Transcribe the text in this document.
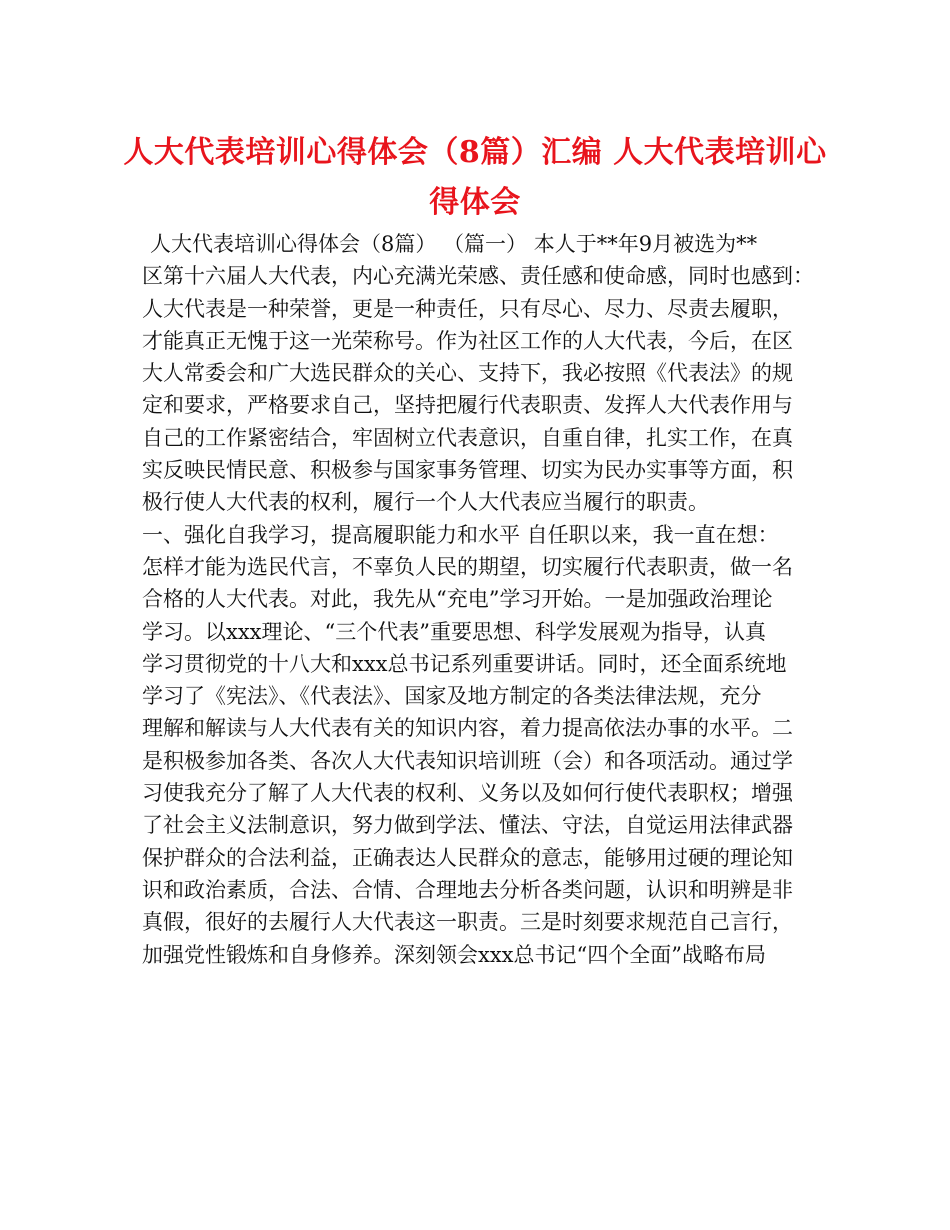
人大代表培训心得体会（8篇）汇编 人大代表培训心
得体会
人大代表培训心得体会（8篇） （篇一） 本人于**年9月被选为**
区第十六届人大代表，内心充满光荣感、责任感和使命感，同时也感到：
人大代表是一种荣誉，更是一种责任，只有尽心、尽力、尽责去履职，
才能真正无愧于这一光荣称号。作为社区工作的人大代表，今后，在区
大人常委会和广大选民群众的关心、支持下，我必按照《代表法》的规
定和要求，严格要求自己，坚持把履行代表职责、发挥人大代表作用与
自己的工作紧密结合，牢固树立代表意识，自重自律，扎实工作，在真
实反映民情民意、积极参与国家事务管理、切实为民办实事等方面，积
极行使人大代表的权利，履行一个人大代表应当履行的职责。
一、强化自我学习，提高履职能力和水平 自任职以来，我一直在想：
怎样才能为选民代言，不辜负人民的期望，切实履行代表职责，做一名
合格的人大代表。对此，我先从“充电”学习开始。一是加强政治理论
学习。以xxx理论、“三个代表”重要思想、科学发展观为指导，认真
学习贯彻党的十八大和xxx总书记系列重要讲话。同时，还全面系统地
学习了《宪法》、《代表法》、国家及地方制定的各类法律法规，充分
理解和解读与人大代表有关的知识内容，着力提高依法办事的水平。二
是积极参加各类、各次人大代表知识培训班（会）和各项活动。通过学
习使我充分了解了人大代表的权利、义务以及如何行使代表职权；增强
了社会主义法制意识，努力做到学法、懂法、守法，自觉运用法律武器
保护群众的合法利益，正确表达人民群众的意志，能够用过硬的理论知
识和政治素质，合法、合情、合理地去分析各类问题，认识和明辨是非
真假，很好的去履行人大代表这一职责。三是时刻要求规范自己言行，
加强党性锻炼和自身修养。深刻领会xxx总书记“四个全面”战略布局
